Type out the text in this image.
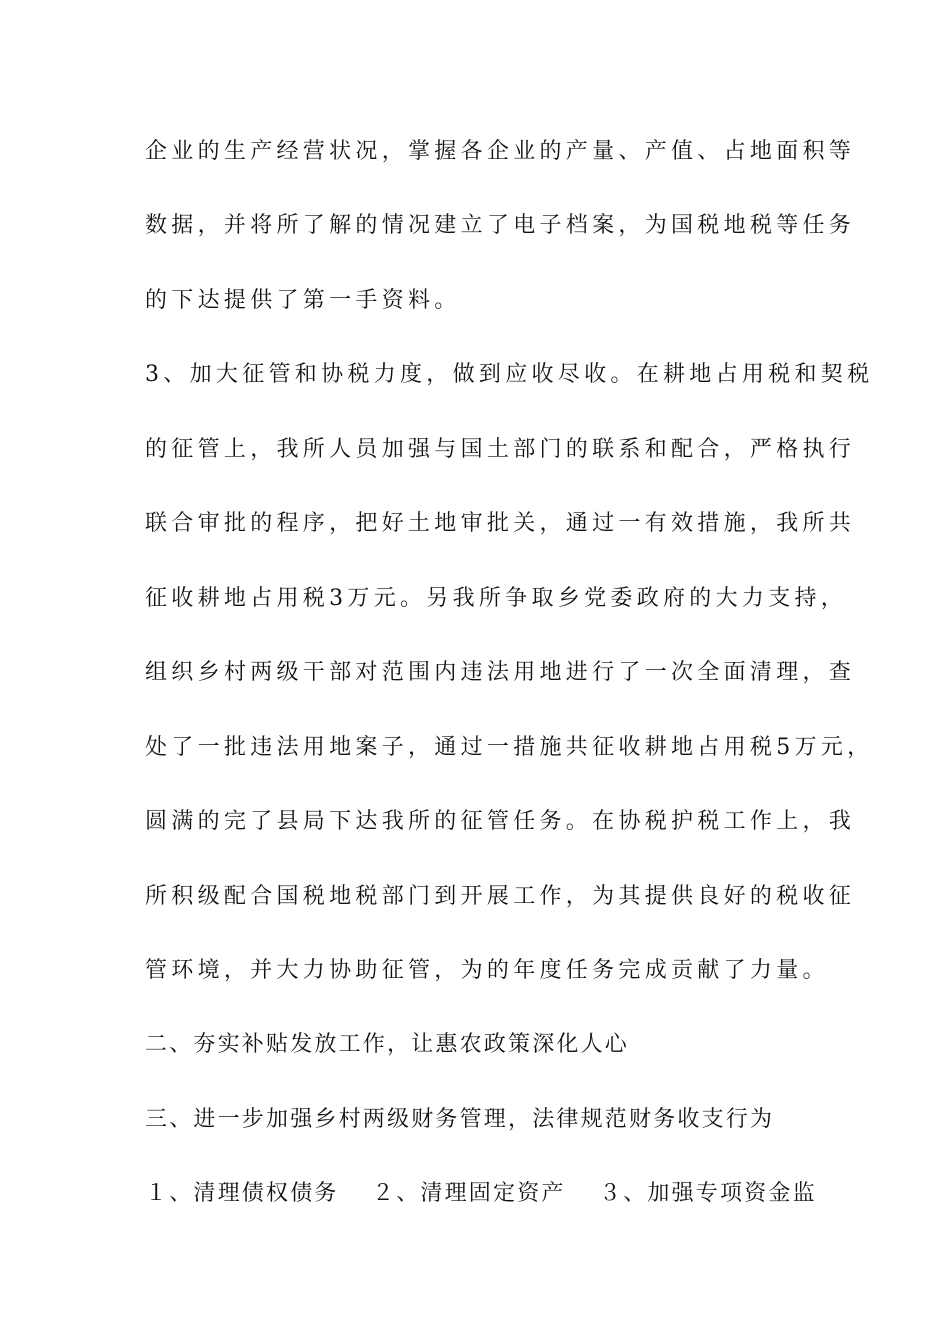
企业的生产经营状况，掌握各企业的产量、产值、占地面积等
数据，并将所了解的情况建立了电子档案，为国税地税等任务
的下达提供了第一手资料。
3、加大征管和协税力度，做到应收尽收。在耕地占用税和契税
的征管上，我所人员加强与国土部门的联系和配合，严格执行
联合审批的程序，把好土地审批关，通过一有效措施，我所共
征收耕地占用税3万元。另我所争取乡党委政府的大力支持，
组织乡村两级干部对范围内违法用地进行了一次全面清理，查
处了一批违法用地案子，通过一措施共征收耕地占用税5万元，
圆满的完了县局下达我所的征管任务。在协税护税工作上，我
所积级配合国税地税部门到开展工作，为其提供良好的税收征
管环境，并大力协助征管，为的年度任务完成贡献了力量。
二、夯实补贴发放工作，让惠农政策深化人心
三、进一步加强乡村两级财务管理，法律规范财务收支行为
１、清理债权债务　 ２、清理固定资产　 ３、加强专项资金监
